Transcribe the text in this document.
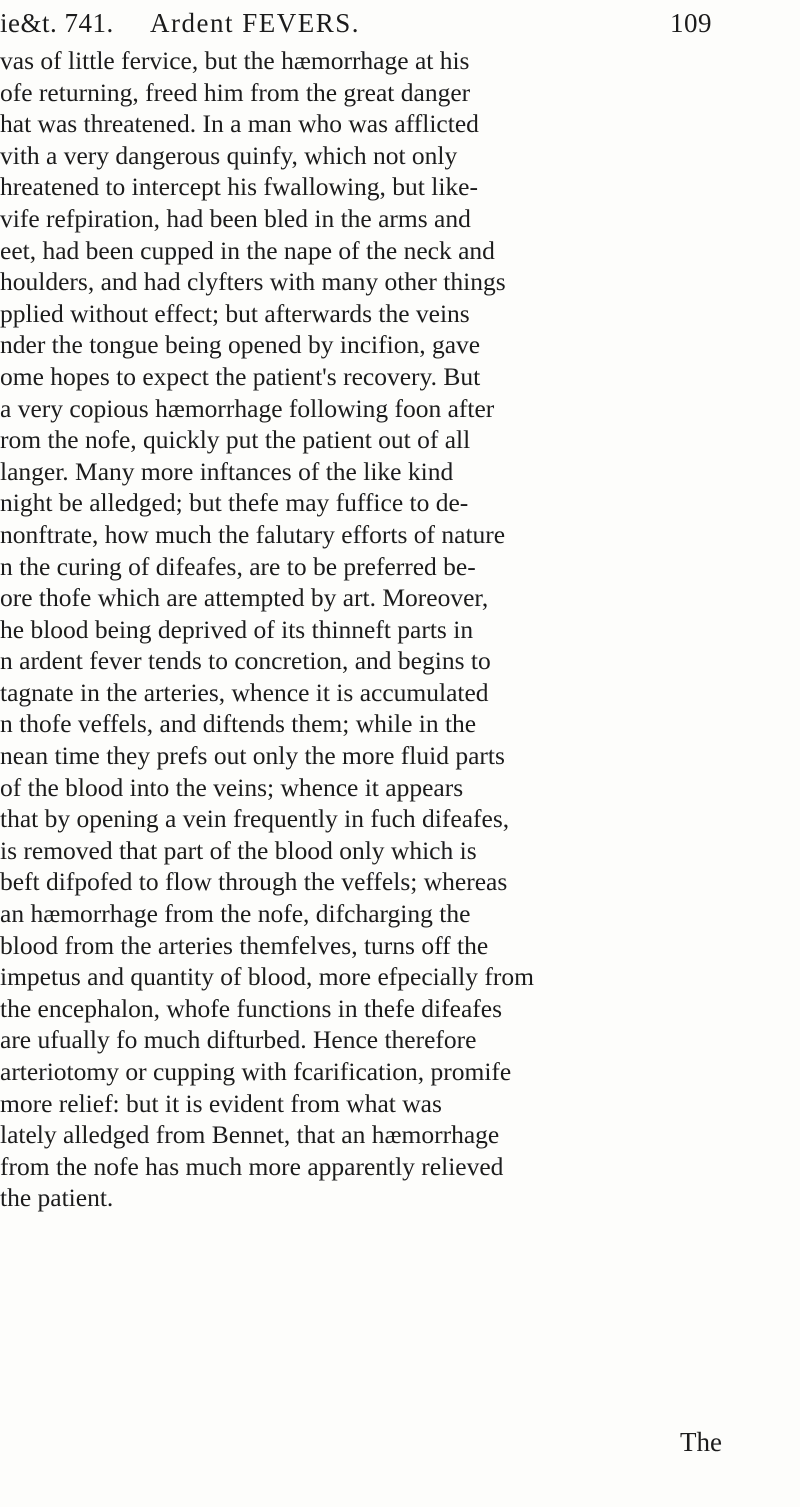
ie&t. 741. Ardent FEVERS.	109
vas of little fervice, but the hæmorrhage at his
ofe returning, freed him from the great danger
hat was threatened. In a man who was afflicted
vith a very dangerous quinfy, which not only
hreatened to intercept his fwallowing, but like-
vife refpiration, had been bled in the arms and
eet, had been cupped in the nape of the neck and
houlders, and had clyfters with many other things
pplied without effect; but afterwards the veins
nder the tongue being opened by incifion, gave
ome hopes to expect the patient's recovery. But
a very copious hæmorrhage following foon after
rom the nofe, quickly put the patient out of all
langer. Many more inftances of the like kind
night be alledged; but thefe may fuffice to de-
nonftrate, how much the falutary efforts of nature
n the curing of difeafes, are to be preferred be-
ore thofe which are attempted by art. Moreover,
he blood being deprived of its thinneft parts in
n ardent fever tends to concretion, and begins to
tagnate in the arteries, whence it is accumulated
n thofe veffels, and diftends them; while in the
nean time they prefs out only the more fluid parts
of the blood into the veins; whence it appears
that by opening a vein frequently in fuch difeafes,
is removed that part of the blood only which is
beft difpofed to flow through the veffels; whereas
an hæmorrhage from the nofe, difcharging the
blood from the arteries themfelves, turns off the
impetus and quantity of blood, more efpecially from
the encephalon, whofe functions in thefe difeafes
are ufually fo much difturbed. Hence therefore
arteriotomy or cupping with fcarification, promife
more relief: but it is evident from what was
lately alledged from Bennet, that an hæmorrhage
from the nofe has much more apparently relieved
the patient.
The
